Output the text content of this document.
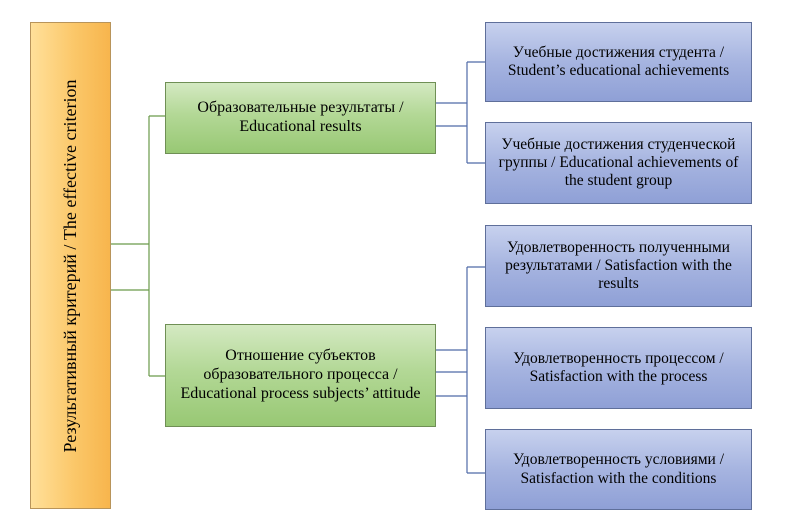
Результативный критерий / The effective criterion	Образовательные результаты / Educational results
Отношение субъектов образовательного процесса / Educational process subjects’ attitude
Учебные достижения студента / Student’s educational achievements
Учебные достижения студенческой группы / Educational achievements of the student group
Удовлетворенность полученными результатами / Satisfaction with the results
Удовлетворенность процессом / Satisfaction with the process
Удовлетворенность условиями / Satisfaction with the conditions
